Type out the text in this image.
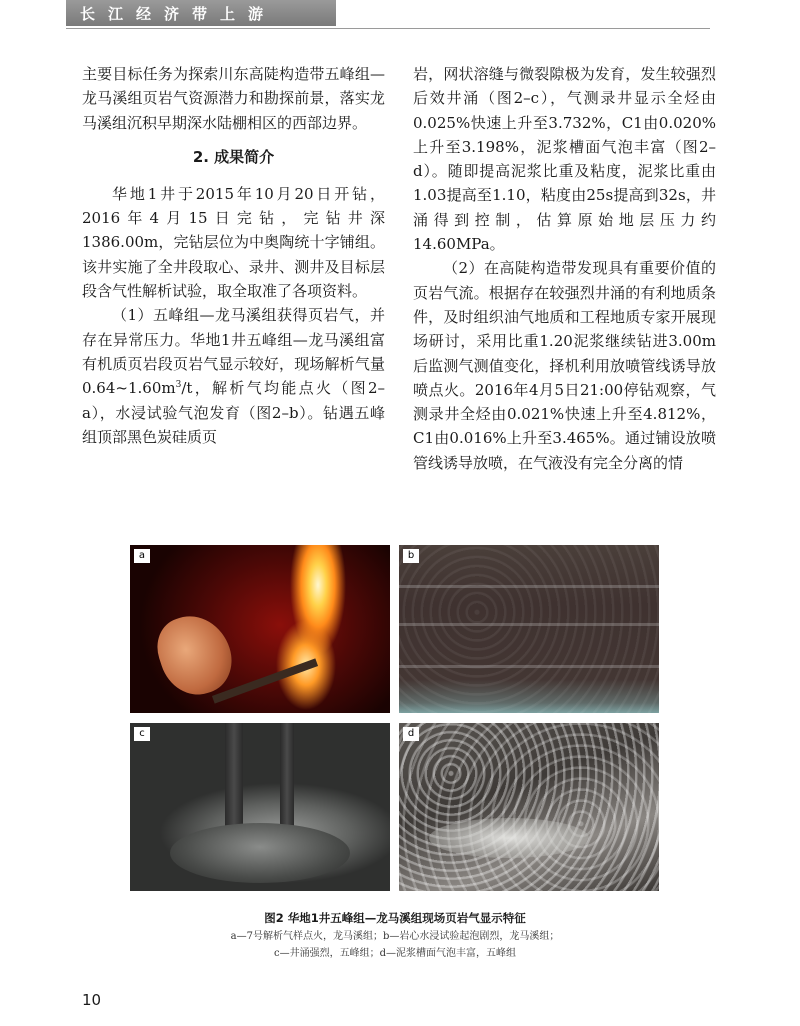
长江经济带上游

主要目标任务为探索川东高陡构造带五峰组—龙马溪组页岩气资源潜力和勘探前景，落实龙马溪组沉积早期深水陆棚相区的西部边界。

2. 成果简介

华地1井于2015年10月20日开钻，2016年4月15日完钻，完钻井深1386.00m，完钻层位为中奥陶统十字铺组。该井实施了全井段取心、录井、测井及目标层段含气性解析试验，取全取准了各项资料。

（1）五峰组—龙马溪组获得页岩气，并存在异常压力。华地1井五峰组—龙马溪组富有机质页岩段页岩气显示较好，现场解析气量$0.64\sim 1.60m^3/t$，解析气均能点火（图2–a），水浸试验气泡发育（图2–b）。钻遇五峰组顶部黑色炭硅质页

岩，网状溶缝与微裂隙极为发育，发生较强烈后效井涌（图2–c），气测录井显示全烃由0.025%快速上升至3.732%，C1由0.020%上升至3.198%，泥浆槽面气泡丰富（图2–d）。随即提高泥浆比重及粘度，泥浆比重由1.03提高至1.10，粘度由25s提高到32s，井涌得到控制，估算原始地层压力约14.60MPa。

（2）在高陡构造带发现具有重要价值的页岩气流。根据存在较强烈井涌的有利地质条件，及时组织油气地质和工程地质专家开展现场研讨，采用比重1.20泥浆继续钻进3.00m后监测气测值变化，择机利用放喷管线诱导放喷点火。2016年4月5日21:00停钻观察，气测录井全烃由0.021%快速上升至4.812%，C1由0.016%上升至3.465%。通过铺设放喷管线诱导放喷，在气液没有完全分离的情

a	b
c	d
图2 华地1井五峰组—龙马溪组现场页岩气显示特征
a—7号解析气样点火，龙马溪组；b—岩心水浸试验起泡剧烈，龙马溪组；
c—井涌强烈，五峰组；d—泥浆槽面气泡丰富，五峰组
10
